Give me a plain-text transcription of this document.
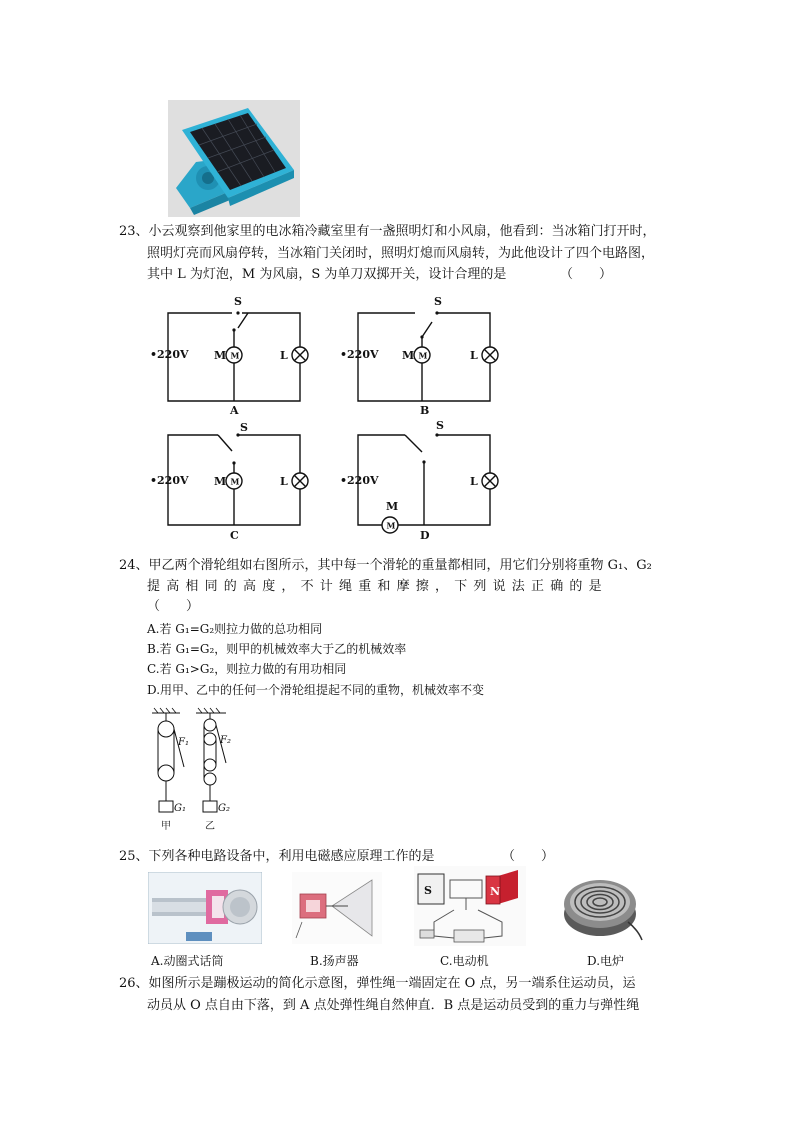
23、小云观察到他家里的电冰箱冷藏室里有一盏照明灯和小风扇，他看到：当冰箱门打开时，
照明灯亮而风扇停转，当冰箱门关闭时，照明灯熄而风扇转，为此他设计了四个电路图，
其中 L 为灯泡，M 为风扇，S 为单刀双掷开关，设计合理的是	（　　）
S
•220V M	L
A
S
•220V M	L
B
S
•220V M	L
C
S
•220V
M
L
D
M	M
M
M
24、甲乙两个滑轮组如右图所示，其中每一个滑轮的重量都相同，用它们分别将重物 G₁、G₂
提高相同的高度，不计绳重和摩擦，下列说法正确的是
（　　）
A.若 G₁=G₂则拉力做的总功相同
B.若 G₁=G₂，则甲的机械效率大于乙的机械效率
C.若 G₁>G₂，则拉力做的有用功相同
D.用甲、乙中的任何一个滑轮组提起不同的重物，机械效率不变
F₁	F₂
G₁	G₂
甲	乙
25、下列各种电路设备中，利用电磁感应原理工作的是	（　　）
S	N
A.动圈式话筒	B.扬声器	C.电动机	D.电炉
26、如图所示是蹦极运动的简化示意图，弹性绳一端固定在 O 点，另一端系住运动员，运
动员从 O 点自由下落，到 A 点处弹性绳自然伸直．B 点是运动员受到的重力与弹性绳
